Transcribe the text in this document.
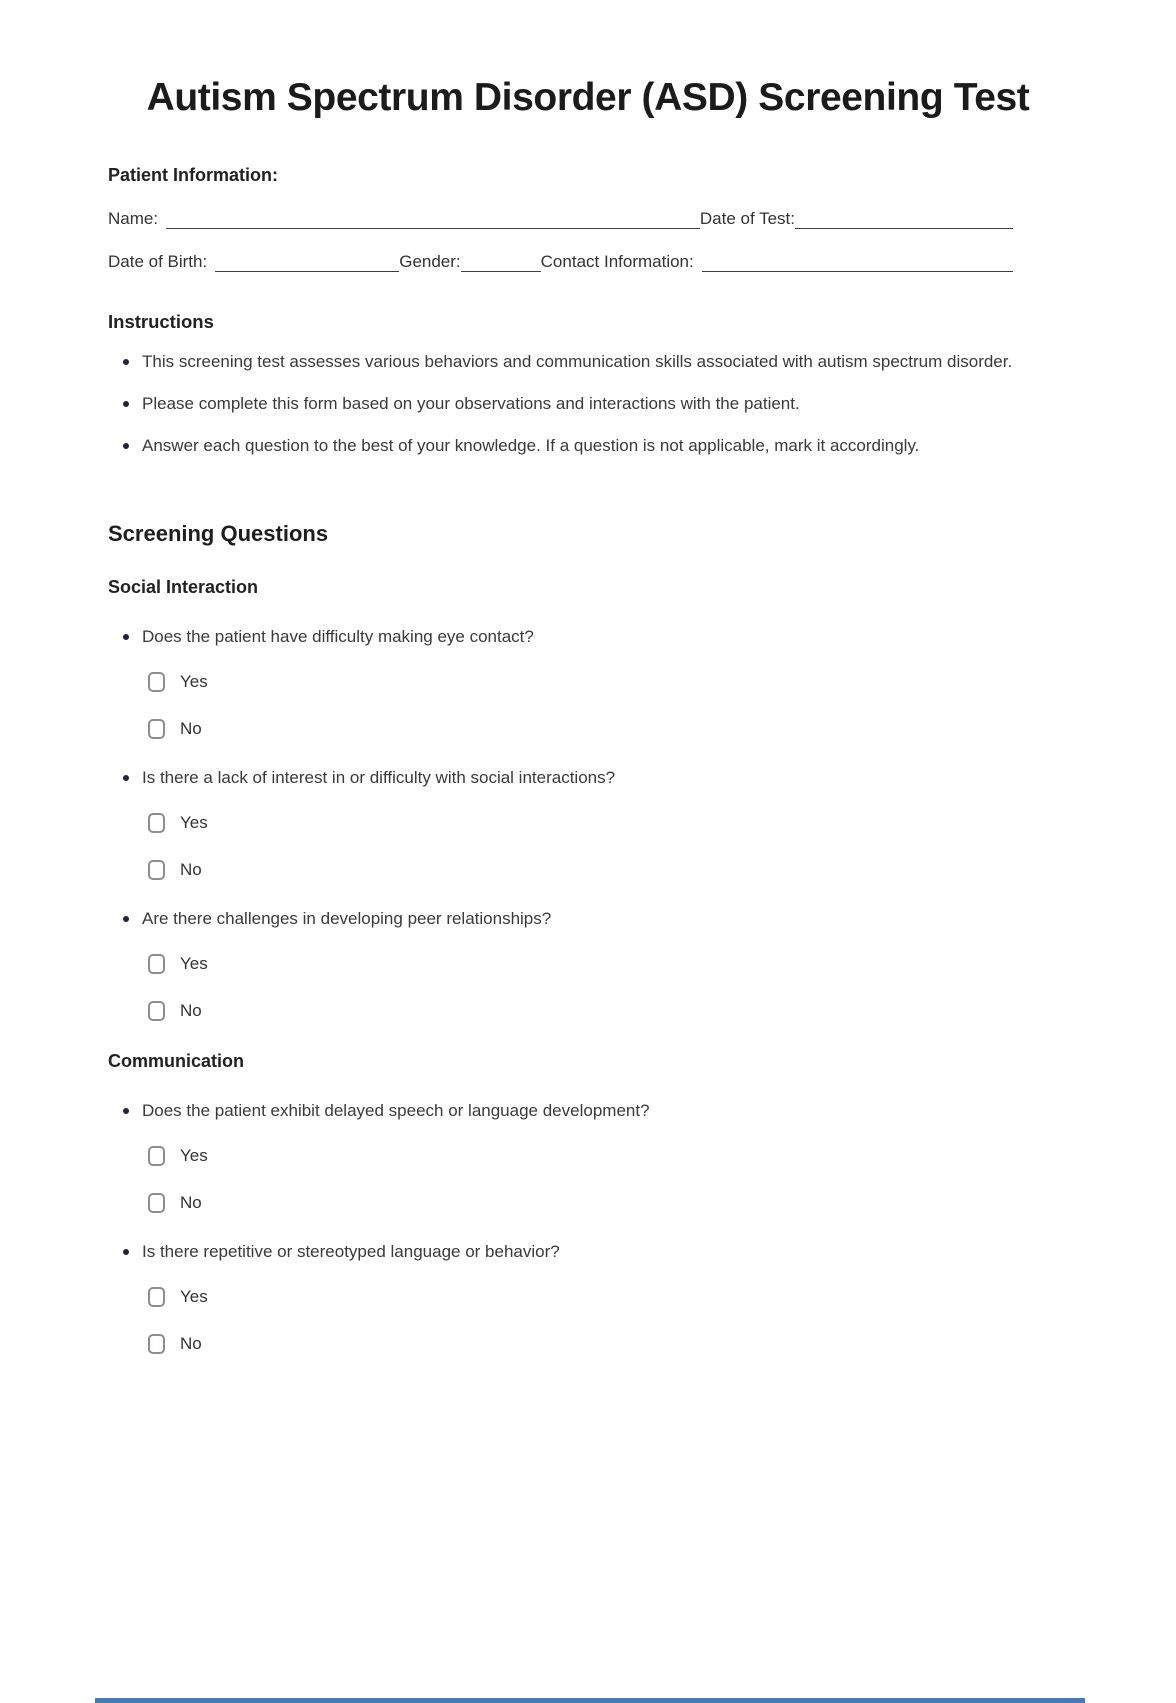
Autism Spectrum Disorder (ASD) Screening Test
Patient Information:
Name:	Date of Test:
Date of Birth:	Gender:	Contact Information:
Instructions
This screening test assesses various behaviors and communication skills associated with autism spectrum disorder.
Please complete this form based on your observations and interactions with the patient.
Answer each question to the best of your knowledge. If a question is not applicable, mark it accordingly.
Screening Questions
Social Interaction
Does the patient have difficulty making eye contact?
Yes
No
Is there a lack of interest in or difficulty with social interactions?
Yes
No
Are there challenges in developing peer relationships?
Yes
No
Communication
Does the patient exhibit delayed speech or language development?
Yes
No
Is there repetitive or stereotyped language or behavior?
Yes
No
